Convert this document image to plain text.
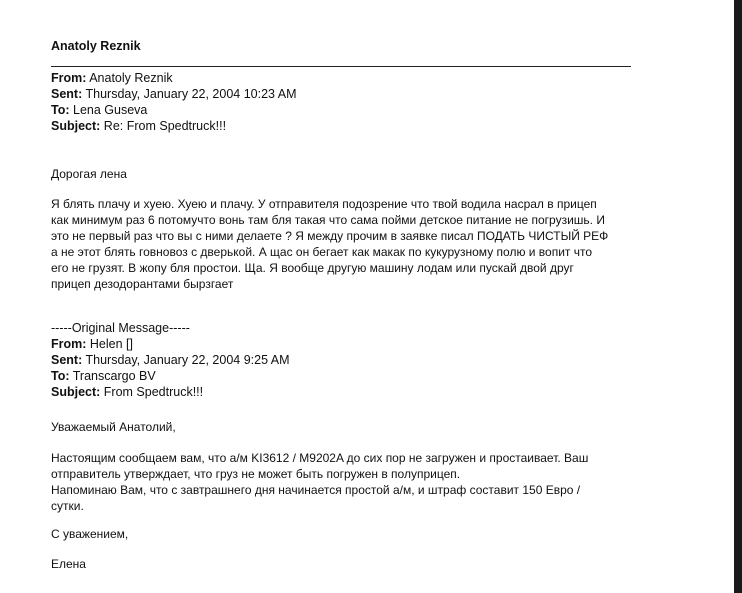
Anatoly Reznik
From: Anatoly Reznik
Sent: Thursday, January 22, 2004 10:23 AM
To: Lena Guseva
Subject: Re: From Spedtruck!!!
Дорогая лена
Я блять плачу и хуею. Хуею и плачу. У отправителя подозрение что твой водила насрал в прицеп
как минимум раз 6 потомучто вонь там бля такая что сама пойми детское питание не погрузишь. И
это не первый раз что вы с ними делаете ? Я между прочим в заявке писал ПОДАТЬ ЧИСТЫЙ РЕФ
а не этот блять говновоз с дверькой. А щас он бегает как макак по кукурузному полю и вопит что
его не грузят. В жопу бля простои. Ща. Я вообще другую машину лодам или пускай двой друг
прицеп дезодорантами бырзгает
-----Original Message-----
From: Helen []
Sent: Thursday, January 22, 2004 9:25 AM
To: Transcargo BV
Subject: From Spedtruck!!!
Уважаемый Анатолий,
Настоящим сообщаем вам, что а/м KI3612 / M9202A до сих пор не загружен и простаивает. Ваш
отправитель утверждает, что груз не может быть погружен в полуприцеп.
Напоминаю Вам, что с завтрашнего дня начинается простой а/м, и штраф составит 150 Евро /
сутки.
С уважением,
Елена
